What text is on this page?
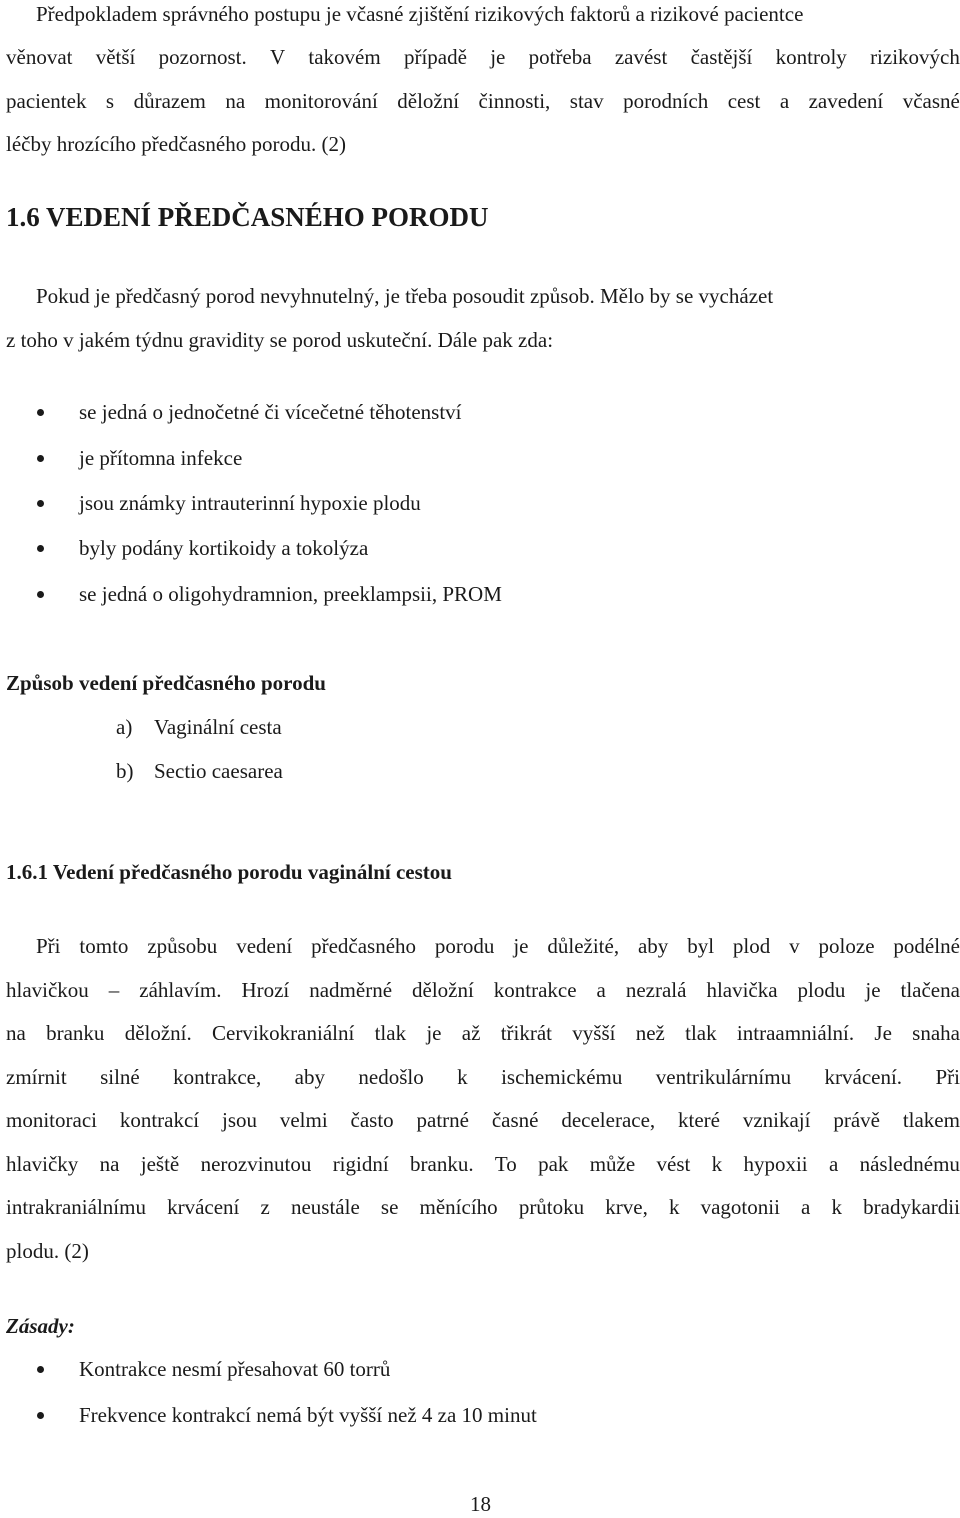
Předpokladem správného postupu je včasné zjištění rizikových faktorů a rizikové pacientce
věnovat větší pozornost. V takovém případě je potřeba zavést častější kontroly rizikových
pacientek s důrazem na monitorování děložní činnosti, stav porodních cest a zavedení včasné
léčby hrozícího předčasného porodu. (2)
1.6 VEDENÍ PŘEDČASNÉHO PORODU
Pokud je předčasný porod nevyhnutelný, je třeba posoudit způsob. Mělo by se vycházet
z toho v jakém týdnu gravidity se porod uskuteční. Dále pak zda:
se jedná o jednočetné či vícečetné těhotenství
je přítomna infekce
jsou známky intrauterinní hypoxie plodu
byly podány kortikoidy a tokolýza
se jedná o oligohydramnion, preeklampsii, PROM
Způsob vedení předčasného porodu
a) Vaginální cesta
b) Sectio caesarea
1.6.1 Vedení předčasného porodu vaginální cestou
Při tomto způsobu vedení předčasného porodu je důležité, aby byl plod v poloze podélné
hlavičkou – záhlavím. Hrozí nadměrné děložní kontrakce a nezralá hlavička plodu je tlačena
na branku děložní. Cervikokraniální tlak je až třikrát vyšší než tlak intraamniální. Je snaha
zmírnit silné kontrakce, aby nedošlo k ischemickému ventrikulárnímu krvácení. Při
monitoraci kontrakcí jsou velmi často patrné časné decelerace, které vznikají právě tlakem
hlavičky na ještě nerozvinutou rigidní branku. To pak může vést k hypoxii a následnému
intrakraniálnímu krvácení z neustále se měnícího průtoku krve, k vagotonii a k bradykardii
plodu. (2)
Zásady:
Kontrakce nesmí přesahovat 60 torrů
Frekvence kontrakcí nemá být vyšší než 4 za 10 minut
18
